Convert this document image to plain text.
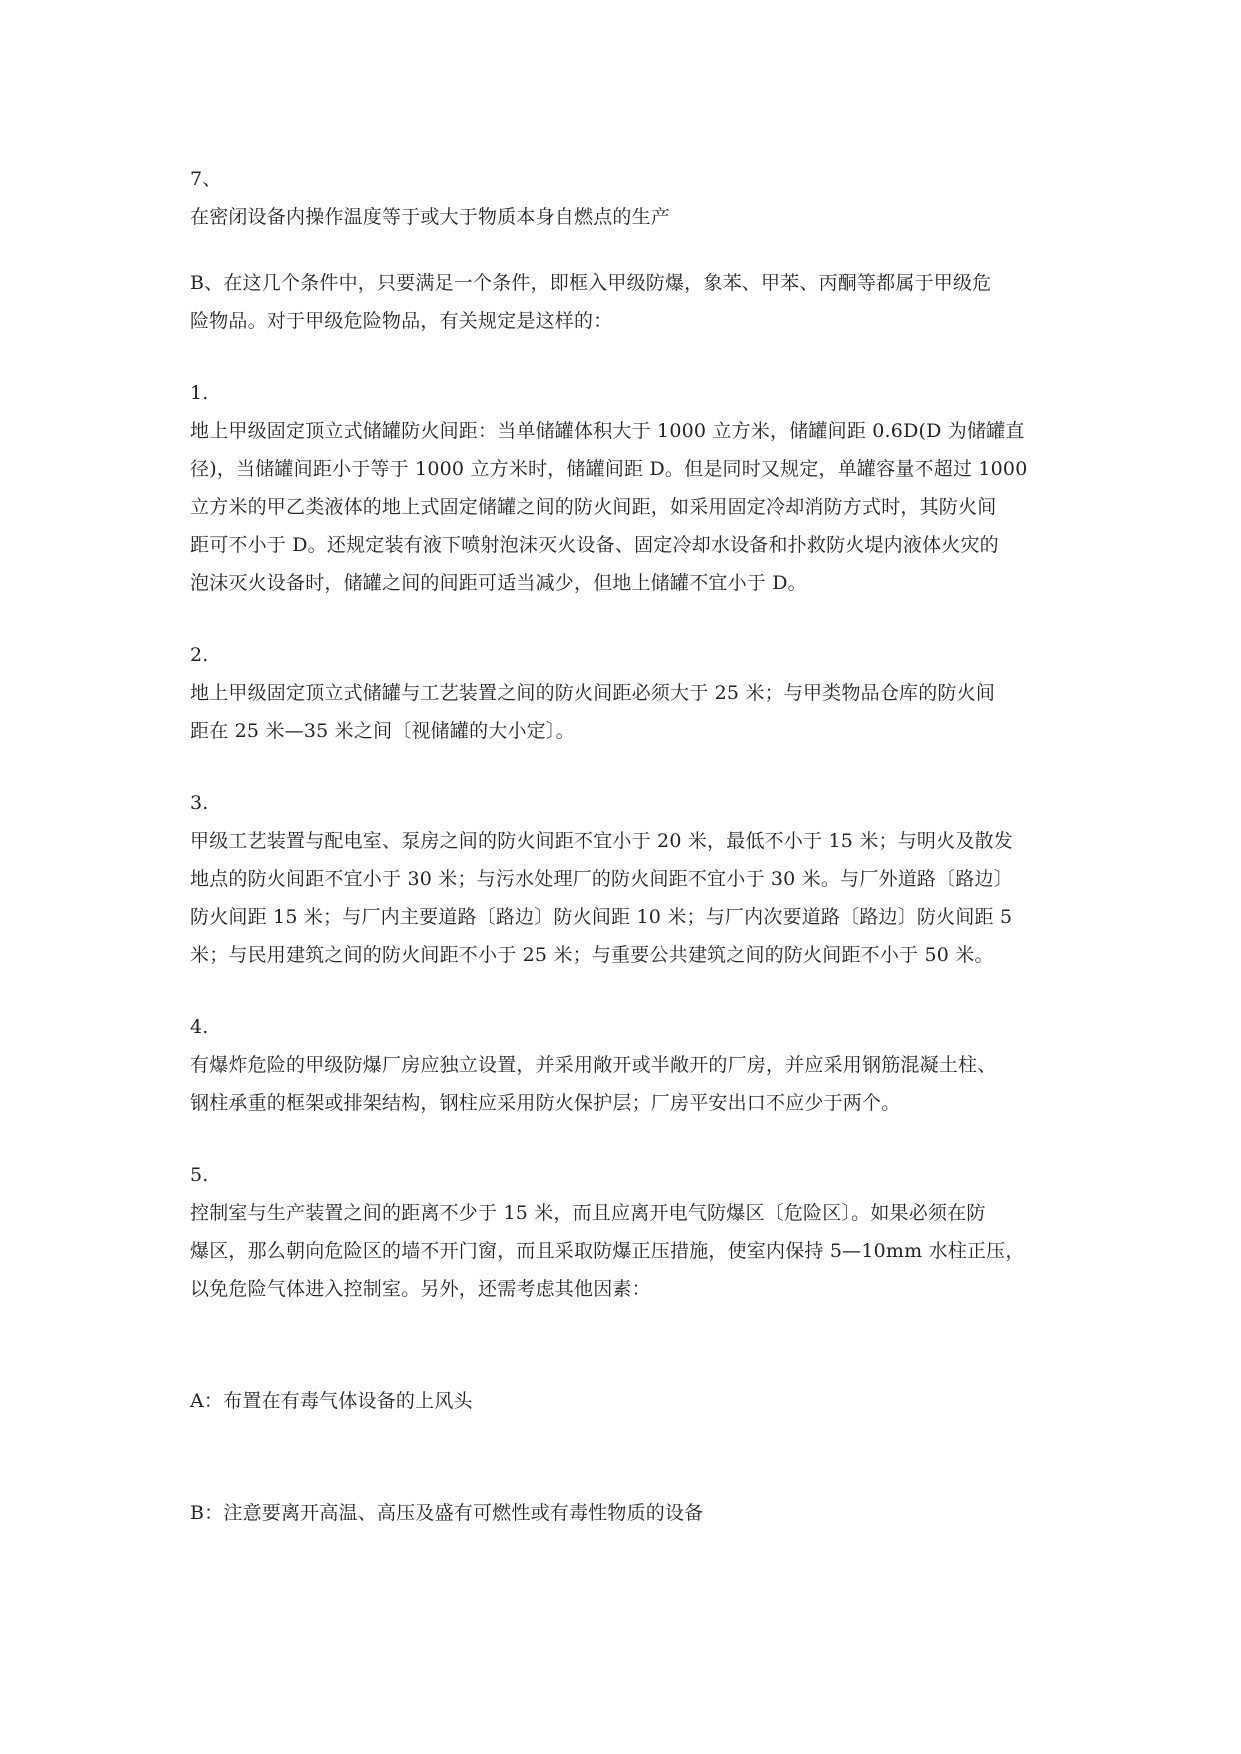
7、
在密闭设备内操作温度等于或大于物质本身自燃点的生产
B、在这几个条件中，只要满足一个条件，即框入甲级防爆，象苯、甲苯、丙酮等都属于甲级危
险物品。对于甲级危险物品，有关规定是这样的：
1.
地上甲级固定顶立式储罐防火间距：当单储罐体积大于 1000 立方米，储罐间距 0.6D(D 为储罐直
径)，当储罐间距小于等于 1000 立方米时，储罐间距 D。但是同时又规定，单罐容量不超过 1000
立方米的甲乙类液体的地上式固定储罐之间的防火间距，如采用固定冷却消防方式时，其防火间
距可不小于 D。还规定装有液下喷射泡沫灭火设备、固定冷却水设备和扑救防火堤内液体火灾的
泡沫灭火设备时，储罐之间的间距可适当减少，但地上储罐不宜小于 D。
2.
地上甲级固定顶立式储罐与工艺装置之间的防火间距必须大于 25 米；与甲类物品仓库的防火间
距在 25 米—35 米之间〔视储罐的大小定〕。
3.
甲级工艺装置与配电室、泵房之间的防火间距不宜小于 20 米，最低不小于 15 米；与明火及散发
地点的防火间距不宜小于 30 米；与污水处理厂的防火间距不宜小于 30 米。与厂外道路〔路边〕
防火间距 15 米；与厂内主要道路〔路边〕防火间距 10 米；与厂内次要道路〔路边〕防火间距 5
米；与民用建筑之间的防火间距不小于 25 米；与重要公共建筑之间的防火间距不小于 50 米。
4.
有爆炸危险的甲级防爆厂房应独立设置，并采用敞开或半敞开的厂房，并应采用钢筋混凝土柱、
钢柱承重的框架或排架结构，钢柱应采用防火保护层；厂房平安出口不应少于两个。
5.
控制室与生产装置之间的距离不少于 15 米，而且应离开电气防爆区〔危险区〕。如果必须在防
爆区，那么朝向危险区的墙不开门窗，而且采取防爆正压措施，使室内保持 5—10mm 水柱正压，
以免危险气体进入控制室。另外，还需考虑其他因素：
A：布置在有毒气体设备的上风头
B：注意要离开高温、高压及盛有可燃性或有毒性物质的设备
